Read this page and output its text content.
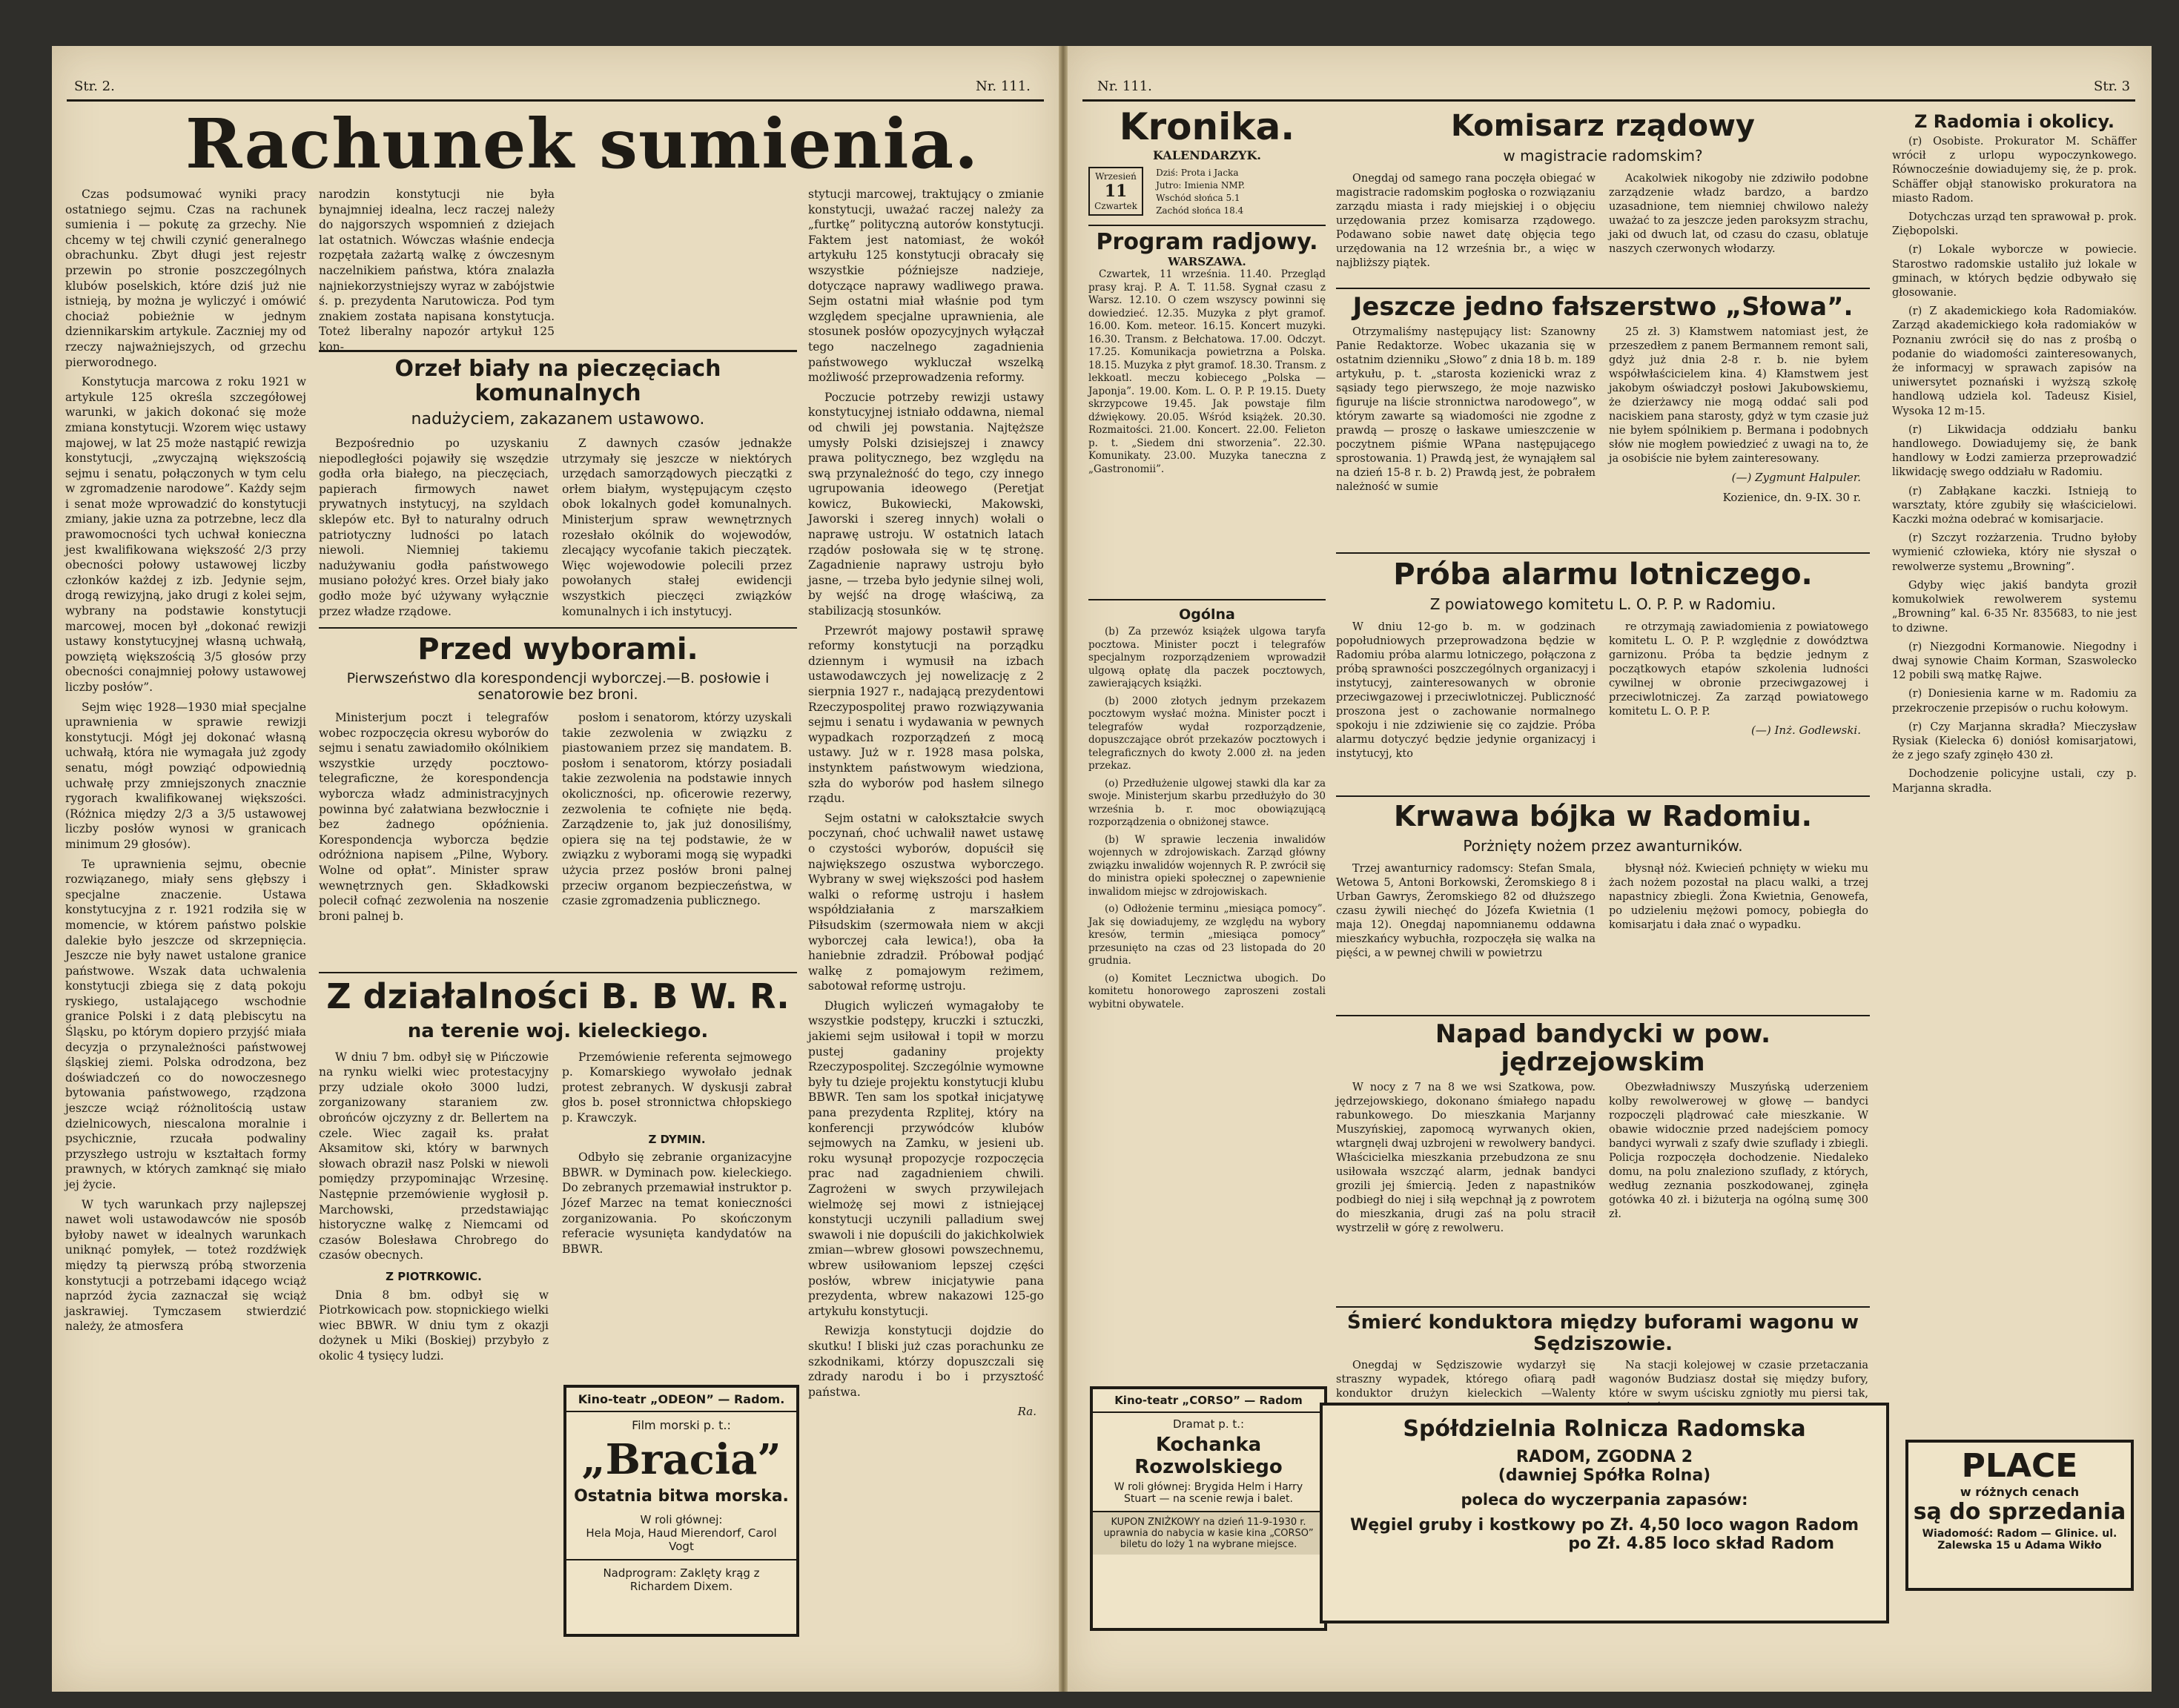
Str. 2.	Nr. 111.
Rachunek sumienia.

Czas podsumować wyniki pracy ostatniego sejmu. Czas na rachunek sumienia i — pokutę za grzechy. Nie chcemy w tej chwili czynić generalnego obrachunku. Zbyt długi jest rejestr przewin po stronie poszczególnych klubów poselskich, które dziś już nie istnieją, by można je wyliczyć i omówić chociaż pobieżnie w jednym dziennikarskim artykule. Zaczniej my od rzeczy najważniejszych, od grzechu pierworodnego.

Konstytucja marcowa z roku 1921 w artykule 125 określa szczegółowej warunki, w jakich dokonać się może zmiana konstytucji. Wzorem więc ustawy majowej, w lat 25 może nastąpić rewizja konstytucji, „zwyczajną większością sejmu i senatu, połączonych w tym celu w zgromadzenie narodowe”. Każdy sejm i senat może wprowadzić do konstytucji zmiany, jakie uzna za potrzebne, lecz dla prawomocności tych uchwał konieczna jest kwalifikowana większość 2/3 przy obecności połowy ustawowej liczby członków każdej z izb. Jedynie sejm, drogą rewizyjną, jako drugi z kolei sejm, wybrany na podstawie konstytucji marcowej, mocen był „dokonać rewizji ustawy konstytucyjnej własną uchwałą, powziętą większością 3/5 głosów przy obecności conajmniej połowy ustawowej liczby posłów”.

Sejm więc 1928—1930 miał specjalne uprawnienia w sprawie rewizji konstytucji. Mógł jej dokonać własną uchwałą, która nie wymagała już zgody senatu, mógł powziąć odpowiednią uchwałę przy zmniejszonych znacznie rygorach kwalifikowanej większości. (Różnica między 2/3 a 3/5 ustawowej liczby posłów wynosi w granicach minimum 29 głosów).

Te uprawnienia sejmu, obecnie rozwiązanego, miały sens głębszy i specjalne znaczenie. Ustawa konstytucyjna z r. 1921 rodziła się w momencie, w którem państwo polskie dalekie było jeszcze od skrzepnięcia. Jeszcze nie były nawet ustalone granice państwowe. Wszak data uchwalenia konstytucji zbiega się z datą pokoju ryskiego, ustalającego wschodnie granice Polski i z datą plebiscytu na Śląsku, po którym dopiero przyjść miała decyzja o przynależności państwowej śląskiej ziemi. Polska odrodzona, bez doświadczeń co do nowoczesnego bytowania państwowego, rządzona jeszcze wciąż różnolitością ustaw dzielnicowych, niescalona moralnie i psychicznie, rzucała podwaliny przyszłego ustroju w kształtach formy prawnych, w których zamknąć się miało jej życie.

W tych warunkach przy najlepszej nawet woli ustawodawców nie sposób byłoby nawet w idealnych warunkach uniknąć pomyłek, — toteż rozdźwięk między tą pierwszą próbą stworzenia konstytucji a potrzebami idącego wciąż naprzód życia zaznaczał się wciąż jaskrawiej. Tymczasem stwierdzić należy, że atmosfera

narodzin konstytucji nie była bynajmniej idealna, lecz raczej należy do najgorszych wspomnień z dziejach lat ostatnich. Wówczas właśnie endecja rozpętała zażartą walkę z ówczesnym naczelnikiem państwa, która znalazła najniekorzystniejszy wyraz w zabójstwie ś. p. prezydenta Narutowicza. Pod tym znakiem zostaŧa napisana konstytucja. Toteż liberalny napozór artykuł 125 kon-

stytucji marcowej, traktujący o zmianie konstytucji, uważać raczej należy za „furtkę” polityczną autorów konstytucji. Faktem jest natomiast, że wokół artykułu 125 konstytucji obracały się wszystkie późniejsze nadzieje, dotyczące naprawy wadliwego prawa. Sejm ostatni miał właśnie pod tym względem specjalne uprawnienia, ale stosunek posłów opozycyjnych wyłączał tego naczelnego zagadnienia państwowego wykluczał wszelką możliwość przeprowadzenia reformy.

Poczucie potrzeby rewizji ustawy konstytucyjnej istniało oddawna, niemal od chwili jej powstania. Najtęższe umysły Polski dzisiejszej i znawcy prawa politycznego, bez względu na swą przynależność do tego, czy innego ugrupowania ideowego (Peretjat kowicz, Bukowiecki, Makowski, Jaworski i szereg innych) wołali o naprawę ustroju. W ostatnich latach rządów posłowała się w tę stronę. Zagadnienie naprawy ustroju było jasne, — trzeba było jedynie silnej woli, by wejść na drogę właściwą, za stabilizacją stosunków.

Przewrót majowy postawił sprawę reformy konstytucji na porządku dziennym i wymusił na izbach ustawodawczych jej nowelizację z 2 sierpnia 1927 r., nadającą prezydentowi Rzeczypospolitej prawo rozwiązywania sejmu i senatu i wydawania w pewnych wypadkach rozporządzeń z mocą ustawy. Już w r. 1928 masa polska, instynktem państwowym wiedziona, szła do wyborów pod hasłem silnego rządu.

Sejm ostatni w całokształcie swych poczynań, choć uchwalił nawet ustawę o czystości wyborów, dopuścił się największego oszustwa wyborczego. Wybrany w swej większości pod hasłem walki o reformę ustroju i hasłem współdziałania z marszałkiem Piłsudskim (szermowała niem w akcji wyborczej cała lewica!), oba ła haniebnie zdradził. Próbował podjąć walkę z pomajowym reżimem, sabotował reformę ustroju.

Długich wyliczeń wymagałoby te wszystkie podstępy, kruczki i sztuczki, jakiemi sejm usiłował i topił w morzu pustej gadaniny projekty Rzeczypospolitej. Szczególnie wymowne były tu dzieje projektu konstytucji klubu BBWR. Ten sam los spotkał inicjatywę pana prezydenta Rzplitej, który na konferencji przywódców klubów sejmowych na Zamku, w jesieni ub. roku wysunął propozycje rozpoczęcia prac nad zagadnieniem chwili. Zagrożeni w swych przywilejach wielmożę sej mowi z istniejącej konstytucji uczynili palladium swej swawoli i nie dopuścili do jakichkolwiek zmian—wbrew głosowi powszechnemu, wbrew usiłowaniom lepszej części posłów, wbrew inicjatywie pana prezydenta, wbrew nakazowi 125-go artykułu konstytucji.

Rewizja konstytucji dojdzie do skutku! I bliski już czas porachunku ze szkodnikami, którzy dopuszczali się zdrady narodu i bo i przysztość państwa.

Ra.
Orzeł biały na pieczęciach komunalnych
nadużyciem, zakazanem ustawowo.

Bezpośrednio po uzyskaniu niepodległości pojawiły się wszędzie godła orła białego, na pieczęciach, papierach firmowych nawet prywatnych instytucyj, na szyldach sklepów etc. Był to naturalny odruch patriotyczny ludności po latach niewoli. Niemniej takiemu nadużywaniu godła państwowego musiano położyć kres. Orzeł biały jako godło może być używany wyłącznie przez władze rządowe.

Z dawnych czasów jednakże utrzymały się jeszcze w niektórych urzędach samorządowych pieczątki z orłem białym, występującym często obok lokalnych godeł komunalnych. Ministerjum spraw wewnętrznych rozesłało okólnik do wojewodów, zlecający wycofanie takich pieczątek. Więc wojewodowie polecili przez powołanych stałej ewidencji wszystkich pieczęci związków komunalnych i ich instytucyj.

Przed wyborami.
Pierwszeństwo dla korespondencji wyborczej.—B. posłowie i senatorowie bez broni.

Ministerjum poczt i telegrafów wobec rozpoczęcia okresu wyborów do sejmu i senatu zawiadomiło okólnikiem wszystkie urzędy pocztowo-telegraficzne, że korespondencja wyborcza władz administracyjnych powinna być załatwiana bezwłocznie i bez żadnego opóźnienia. Korespondencja wyborcza będzie odróżniona napisem „Pilne, Wybory. Wolne od opłat”. Minister spraw wewnętrznych gen. Składkowski polecił cofnąć zezwolenia na noszenie broni palnej b.

posłom i senatorom, którzy uzyskali takie zezwolenia w związku z piastowaniem przez się mandatem. B. posłom i senatorom, którzy posiadali takie zezwolenia na podstawie innych okoliczności, np. oficerowie rezerwy, zezwolenia te cofnięte nie będą. Zarządzenie to, jak już donosiliśmy, opiera się na tej podstawie, że w związku z wyborami mogą się wypadki użycia przez posłów broni palnej przeciw organom bezpieczeństwa, w czasie zgromadzenia publicznego.

Z działalności B. B W. R.
na terenie woj. kieleckiego.

W dniu 7 bm. odbył się w Pińczowie na rynku wielki wiec protestacyjny przy udziale około 3000 ludzi, zorganizowany staraniem zw. obrońców ojczyzny z dr. Bellertem na czele. Wiec zagaił ks. prałat Aksamitow ski, który w barwnych słowach obraził nasz Polski w niewoli pomiędzy przypominając Wrzesinę. Następnie przemówienie wygłosił p. Marchowski, przedstawiając historyczne walkę z Niemcami od czasów Bolesława Chrobrego do czasów obecnych.

Z PIOTRKOWIC.

Dnia 8 bm. odbył się w Piotrkowicach pow. stopnickiego wielki wiec BBWR. W dniu tym z okazji dożynek u Miki (Boskiej) przybyło z okolic 4 tysięcy ludzi.

Przemówienie referenta sejmowego p. Komarskiego wywołało jednak protest zebranych. W dyskusji zabrał głos b. poseł stronnictwa chłopskiego p. Krawczyk.

Z DYMIN.

Odbyło się zebranie organizacyjne BBWR. w Dyminach pow. kieleckiego. Do zebranych przemawiał instruktor p. Józef Marzec na temat konieczności zorganizowania. Po skończonym referacie wysunięta kandydatów na BBWR.

Kino-teatr „ODEON” — Radom.
Film morski p. t.:
„Bracia”
Ostatnia bitwa morska.
W roli głównej:
Hela Moja, Haud Mierendorf, Carol Vogt
Nadprogram: Zaklęty krąg z Richardem Dixem.
Nr. 111.	Str. 3
Kronika.
KALENDARZYK.
Wrzesień
11
Czwartek

Dziś: Prota i Jacka
Jutro: Imienia NMP.
Wschód słońca 5.1
Zachód słońca 18.4
Program radjowy.
WARSZAWA.

Czwartek, 11 września. 11.40. Przegląd prasy kraj. P. A. T. 11.58. Sygnał czasu z Warsz. 12.10. O czem wszyscy powinni się dowiedzieć. 12.35. Muzyka z płyt gramof. 16.00. Kom. meteor. 16.15. Koncert muzyki. 16.30. Transm. z Bełchatowa. 17.00. Odczyt. 17.25. Komunikacja powietrzna a Polska. 18.15. Muzyka z płyt gramof. 18.30. Transm. z lekkoatl. meczu kobiecego „Polska — Japonja”. 19.00. Kom. L. O. P. P. 19.15. Duety skrzypcowe 19.45. Jak powstaje film dźwiękowy. 20.05. Wśród książek. 20.30. Rozmaitości. 21.00. Koncert. 22.00. Felieton p. t. „Siedem dni stworzenia”. 22.30. Komunikaty. 23.00. Muzyka taneczna z „Gastronomii”.

Ogólna

(b) Za przewóz książek ulgowa taryfa pocztowa. Minister poczt i telegrafów specjalnym rozporządzeniem wprowadził ulgową opłatę dla paczek pocztowych, zawierających książki.

(b) 2000 złotych jednym przekazem pocztowym wysłać można. Minister poczt i telegrafów wydał rozporządzenie, dopuszczające obrót przekazów pocztowych i telegraficznych do kwoty 2.000 zł. na jeden przekaz.

(o) Przedłużenie ulgowej stawki dla kar za swoje. Ministerjum skarbu przedłużyło do 30 września b. r. moc obowiązującą rozporządzenia o obniżonej stawce.

(b) W sprawie leczenia inwalidów wojennych w zdrojowiskach. Zarząd główny związku inwalidów wojennych R. P. zwrócił się do ministra opieki społecznej o zapewnienie inwalidom miejsc w zdrojowiskach.

(o) Odłożenie terminu „miesiąca pomocy”. Jak się dowiadujemy, ze względu na wybory kresów, termin „miesiąca pomocy” przesunięto na czas od 23 listopada do 20 grudnia.

(o) Komitet Lecznictwa ubogich. Do komitetu honorowego zaproszeni zostali wybitni obywatele.

Kino-teatr „CORSO” — Radom
Dramat p. t.:
Kochanka Rozwolskiego
W roli głównej: Brygida Helm i Harry Stuart — na scenie rewja i balet.
KUPON ZNIŻKOWY na dzień 11-9-1930 r. uprawnia do nabycia w kasie kina „CORSO” biletu do loży 1 na wybrane miejsce.
Komisarz rządowy
w magistracie radomskim?

Onegdaj od samego rana poczęła obiegać w magistracie radomskim pogłoska o rozwiązaniu zarządu miasta i rady miejskiej i o objęciu urzędowania przez komisarza rządowego. Podawano sobie nawet datę objęcia tego urzędowania na 12 września br., a więc w najbliższy piątek.

Acakolwiek nikogoby nie zdziwiło podobne zarządzenie władz bardzo, a bardzo uzasadnione, tem niemniej chwilowo należy uważać to za jeszcze jeden paroksyzm strachu, jaki od dwuch lat, od czasu do czasu, oblatuje naszych czerwonych włodarzy.

Jeszcze jedno fałszerstwo „Słowa”.

Otrzymaliśmy następujący list: Szanowny Panie Redaktorze. Wobec ukazania się w ostatnim dzienniku „Słowo” z dnia 18 b. m. 189 artykułu, p. t. „starosta kozienicki wraz z sąsiady tego pierwszego, że moje nazwisko figuruje na liście stronnictwa narodowego”, w którym zawarte są wiadomości nie zgodne z prawdą — proszę o łaskawe umieszczenie w poczytnem piśmie WPana następującego sprostowania. 1) Prawdą jest, że wynająłem sal na dzień 15-8 r. b. 2) Prawdą jest, że pobrałem należność w sumie

25 zł. 3) Kłamstwem natomiast jest, że przeszedłem z panem Bermannem remont sali, gdyż już dnia 2-8 r. b. nie byłem współwłaścicielem kina. 4) Kłamstwem jest jakobym oświadczył posłowi Jakubowskiemu, że dzierżawcy nie mogą oddać sali pod naciskiem pana starosty, gdyż w tym czasie już nie byłem spólnikiem p. Bermana i podobnych słów nie mogłem powiedzieć z uwagi na to, że ja osobiście nie byłem zainteresowany.

(—) Zygmunt Halpuler.
Kozienice, dn. 9-IX. 30 r.
Próba alarmu lotniczego.
Z powiatowego komitetu L. O. P. P. w Radomiu.

W dniu 12-go b. m. w godzinach popołudniowych przeprowadzona będzie w Radomiu próba alarmu lotniczego, połączona z próbą sprawności poszczególnych organizacyj i instytucyj, zainteresowanych w obronie przeciwgazowej i przeciwlotniczej. Publiczność proszona jest o zachowanie normalnego spokoju i nie zdziwienie się co zajdzie. Próba alarmu dotyczyć będzie jedynie organizacyj i instytucyj, kto

re otrzymają zawiadomienia z powiatowego komitetu L. O. P. P. względnie z dowództwa garnizonu. Próba ta będzie jednym z początkowych etapów szkolenia ludności cywilnej w obronie przeciwgazowej i przeciwlotniczej. Za zarząd powiatowego komitetu L. O. P. P.

(—) Inż. Godlewski.
Krwawa bójka w Radomiu.
Porżnięty nożem przez awanturników.

Trzej awanturnicy radomscy: Stefan Smala, Wetowa 5, Antoni Borkowski, Żeromskiego 8 i Urban Gawrys, Żeromskiego 82 od dłuższego czasu żywili niechęć do Józefa Kwietnia (1 maja 12). Onegdaj napomnianemu oddawna mieszkańcy wybuchła, rozpoczęła się walka na pięści, a w pewnej chwili w powietrzu

błysnął nóż. Kwiecień pchnięty w wieku mu żach nożem pozostał na placu walki, a trzej napastnicy zbiegli. Żona Kwietnia, Genowefa, po udzieleniu mężowi pomocy, pobiegła do komisarjatu i dała znać o wypadku.

Napad bandycki w pow. jędrzejowskim

W nocy z 7 na 8 we wsi Szatkowa, pow. jędrzejowskiego, dokonano śmiałego napadu rabunkowego. Do mieszkania Marjanny Muszyńskiej, zapomocą wyrwanych okien, wtargnęli dwaj uzbrojeni w rewolwery bandyci. Właścicielka mieszkania przebudzona ze snu usiłowała wszcząć alarm, jednak bandyci grozili jej śmiercią. Jeden z napastników podbiegł do niej i siłą wepchnął ją z powrotem do mieszkania, drugi zaś na polu stracił wystrzelił w górę z rewolweru.

Obezwładniwszy Muszyńską uderzeniem kolby rewolwerowej w głowę — bandyci rozpoczęli plądrować całe mieszkanie. W obawie widocznie przed nadejściem pomocy bandyci wyrwali z szafy dwie szuflady i zbiegli. Policja rozpoczęła dochodzenie. Niedaleko domu, na polu znaleziono szuflady, z których, według zeznania poszkodowanej, zginęła gotówka 40 zł. i biżuterja na ogólną sumę 300 zł.

Śmierć konduktora między buforami wagonu w Sędziszowie.

Onegdaj w Sędziszowie wydarzył się straszny wypadek, którego ofiarą padł konduktor drużyn kieleckich —Walenty

Na stacji kolejowej w czasie przetaczania wagonów Budziasz dostał się między bufory, które w swym uścisku zgniotły mu piersi tak,

Spółdzielnia Rolnicza Radomska
RADOM, ZGODNA 2
(dawniej Spółka Rolna)
poleca do wyczerpania zapasów:
Węgiel gruby i kostkowy po Zł. 4,50 loco wagon Radom
po Zł. 4.85 loco skład Radom
Z Radomia i okolicy.

(r) Osobiste. Prokurator M. Schäffer wrócił z urlopu wypoczynkowego. Równocześnie dowiadujemy się, że p. prok. Schäffer objął stanowisko prokuratora na miasto Radom.

Dotychczas urząd ten sprawował p. prok. Ziębopolski.

(r) Lokale wyborcze w powiecie. Starostwo radomskie ustaliło już lokale w gminach, w których będzie odbywało się głosowanie.

(r) Z akademickiego koła Radomiaków. Zarząd akademickiego koła radomiaków w Poznaniu zwrócił się do nas z prośbą o podanie do wiadomości zainteresowanych, że informacyj w sprawach zapisów na uniwersytet poznański i wyższą szkołę handlową udziela kol. Tadeusz Kisiel, Wysoka 12 m-15.

(r) Likwidacja oddziału banku handlowego. Dowiadujemy się, że bank handlowy w Łodzi zamierza przeprowadzić likwidację swego oddziału w Radomiu.

(r) Zabłąkane kaczki. Istnieją to warsztaty, które zgubiły się właścicielowi. Kaczki można odebrać w komisarjacie.

(r) Szczyt rozżarzenia. Trudno byłoby wymienić człowieka, który nie słyszał o rewolwerze systemu „Browning”.

Gdyby więc jakiś bandyta groził komukolwiek rewolwerem systemu „Browning” kal. 6-35 Nr. 835683, to nie jest to dziwne.

(r) Niezgodni Kormanowie. Niegodny i dwaj synowie Chaim Korman, Szaswolecko 12 pobili swą matkę Rajwe.

(r) Doniesienia karne w m. Radomiu za przekroczenie przepisów o ruchu kołowym.

(r) Czy Marjanna skradła? Mieczysław Rysiak (Kielecka 6) doniósł komisarjatowi, że z jego szafy zginęło 430 zł.

Dochodzenie policyjne ustali, czy p. Marjanna skradła.

PLACE
w różnych cenach
są do sprzedania
Wiadomość: Radom — Glinice. ul. Zalewska 15 u Adama Wikło
